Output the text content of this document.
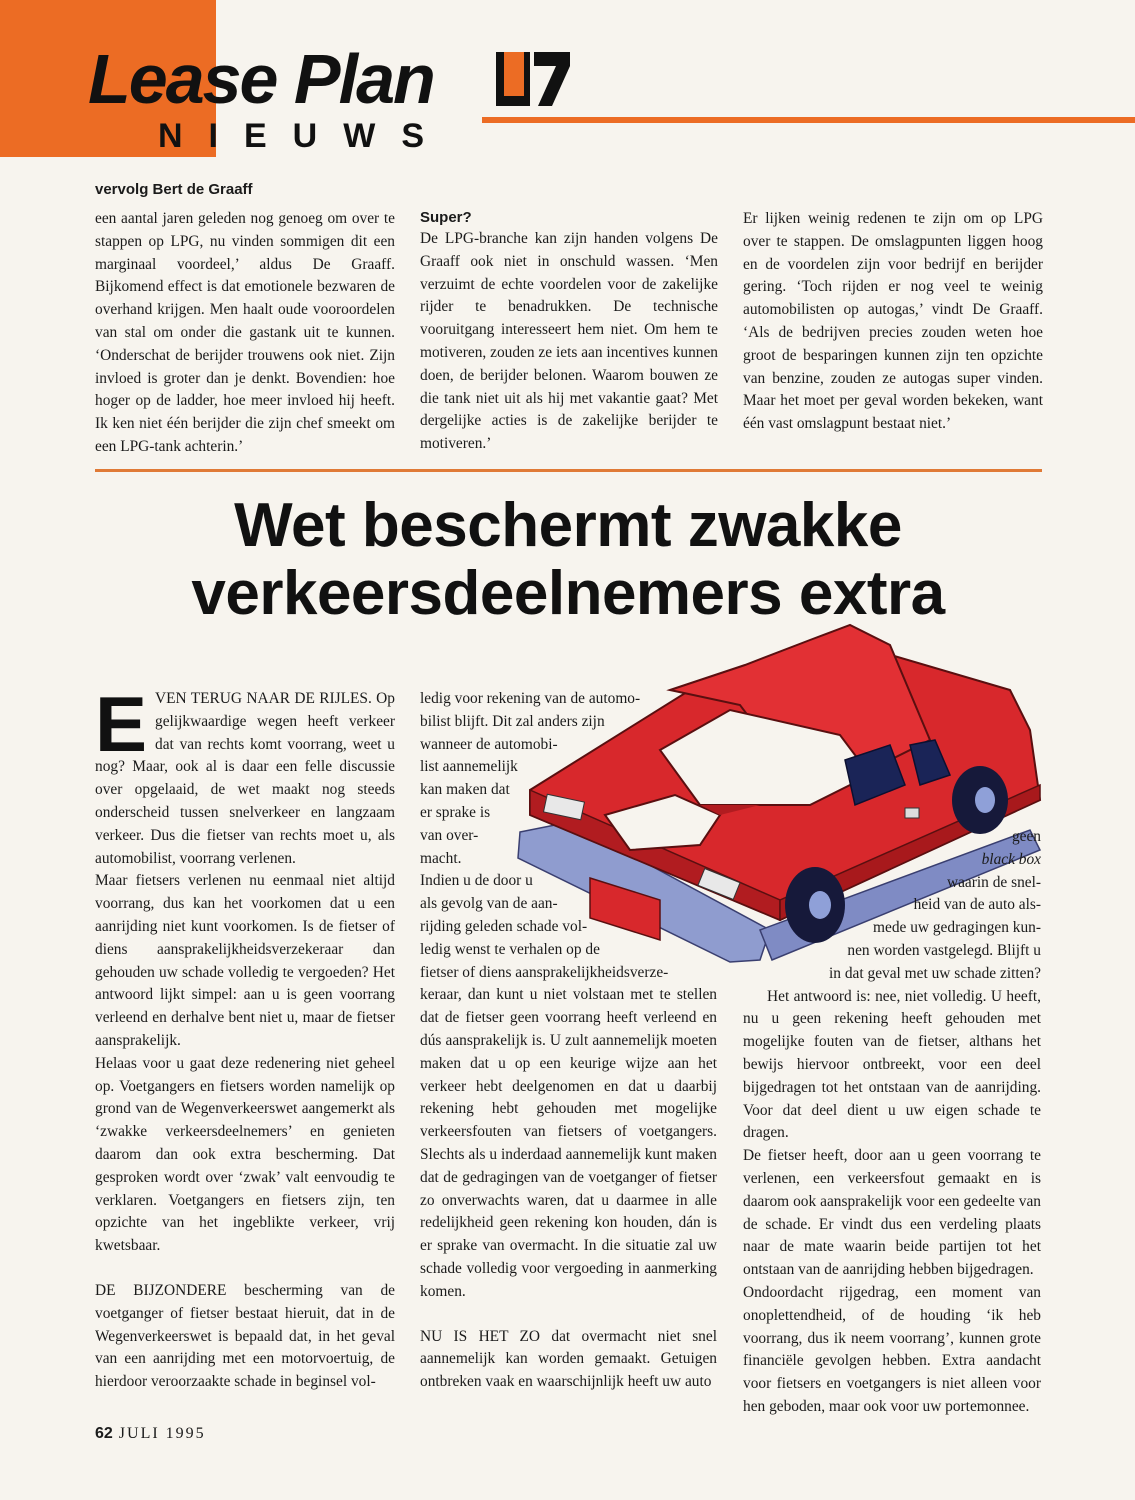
Lease Plan
NIEUWS
vervolg Bert de Graaff

een aantal jaren geleden nog genoeg om over te stappen op LPG, nu vinden sommigen dit een marginaal voordeel,’ aldus De Graaff. Bijkomend effect is dat emotionele bezwaren de overhand krijgen. Men haalt oude vooroordelen van stal om onder die gastank uit te kunnen. ‘Onderschat de berijder trouwens ook niet. Zijn invloed is groter dan je denkt. Bovendien: hoe hoger op de ladder, hoe meer invloed hij heeft. Ik ken niet één berijder die zijn chef smeekt om een LPG-tank achterin.’

Super?

De LPG-branche kan zijn handen volgens De Graaff ook niet in onschuld wassen. ‘Men verzuimt de echte voordelen voor de zakelijke rijder te benadrukken. De technische vooruitgang interesseert hem niet. Om hem te motiveren, zouden ze iets aan incentives kunnen doen, de berijder belonen. Waarom bouwen ze die tank niet uit als hij met vakantie gaat? Met dergelijke acties is de zakelijke berijder te motiveren.’

Er lijken weinig redenen te zijn om op LPG over te stappen. De omslagpunten liggen hoog en de voordelen zijn voor bedrijf en berijder gering. ‘Toch rijden er nog veel te weinig automobilisten op autogas,’ vindt De Graaff. ‘Als de bedrijven precies zouden weten hoe groot de besparingen kunnen zijn ten opzichte van benzine, zouden ze autogas super vinden. Maar het moet per geval worden bekeken, want één vast omslagpunt bestaat niet.’

Wet beschermt zwakke
verkeersdeelnemers extra

EVEN TERUG NAAR DE RIJLES. Op gelijkwaardige wegen heeft verkeer dat van rechts komt voorrang, weet u nog? Maar, ook al is daar een felle discussie over opgelaaid, de wet maakt nog steeds onderscheid tussen snelverkeer en langzaam verkeer. Dus die fietser van rechts moet u, als automobilist, voorrang verlenen.

Maar fietsers verlenen nu eenmaal niet altijd voorrang, dus kan het voorkomen dat u een aanrijding niet kunt voorkomen. Is de fietser of diens aansprakelijkheidsverzekeraar dan gehouden uw schade volledig te vergoeden? Het antwoord lijkt simpel: aan u is geen voorrang verleend en derhalve bent niet u, maar de fietser aansprakelijk.

Helaas voor u gaat deze redenering niet geheel op. Voetgangers en fietsers worden namelijk op grond van de Wegenverkeerswet aangemerkt als ‘zwakke verkeersdeelnemers’ en genieten daarom dan ook extra bescherming. Dat gesproken wordt over ‘zwak’ valt eenvoudig te verklaren. Voetgangers en fietsers zijn, ten opzichte van het ingeblikte verkeer, vrij kwetsbaar.

DE BIJZONDERE bescherming van de voetganger of fietser bestaat hieruit, dat in de Wegenverkeerswet is bepaald dat, in het geval van een aanrijding met een motorvoertuig, de hierdoor veroorzaakte schade in beginsel vol-

ledig voor rekening van de automo-
bilist blijft. Dit zal anders zijn
wanneer de automobi-
list aannemelijk
kan maken dat
er sprake is
van over-
macht.
Indien u de door u
als gevolg van de aan-
rijding geleden schade vol-
ledig wenst te verhalen op de
fietser of diens aansprakelijkheidsverze-

keraar, dan kunt u niet volstaan met te stellen dat de fietser geen voorrang heeft verleend en dús aansprakelijk is. U zult aannemelijk moeten maken dat u op een keurige wijze aan het verkeer hebt deelgenomen en dat u daarbij rekening hebt gehouden met mogelijke verkeersfouten van fietsers of voetgangers. Slechts als u inderdaad aannemelijk kunt maken dat de gedragingen van de voetganger of fietser zo onverwachts waren, dat u daarmee in alle redelijkheid geen rekening kon houden, dán is er sprake van overmacht. In die situatie zal uw schade volledig voor vergoeding in aanmerking komen.

NU IS HET ZO dat overmacht niet snel aannemelijk kan worden gemaakt. Getuigen ontbreken vaak en waarschijnlijk heeft uw auto

geen
black box
waarin de snel-
heid van de auto als-
mede uw gedragingen kun-
nen worden vastgelegd. Blijft u
in dat geval met uw schade zitten?

Het antwoord is: nee, niet volledig. U heeft, nu u geen rekening heeft gehouden met mogelijke fouten van de fietser, althans het bewijs hiervoor ontbreekt, voor een deel bijgedragen tot het ontstaan van de aanrijding. Voor dat deel dient u uw eigen schade te dragen.

De fietser heeft, door aan u geen voorrang te verlenen, een verkeersfout gemaakt en is daarom ook aansprakelijk voor een gedeelte van de schade. Er vindt dus een verdeling plaats naar de mate waarin beide partijen tot het ontstaan van de aanrijding hebben bijgedragen.

Ondoordacht rijgedrag, een moment van onoplettendheid, of de houding ‘ik heb voorrang, dus ik neem voorrang’, kunnen grote financiële gevolgen hebben. Extra aandacht voor fietsers en voetgangers is niet alleen voor hen geboden, maar ook voor uw portemonnee.

62 JULI 1995
